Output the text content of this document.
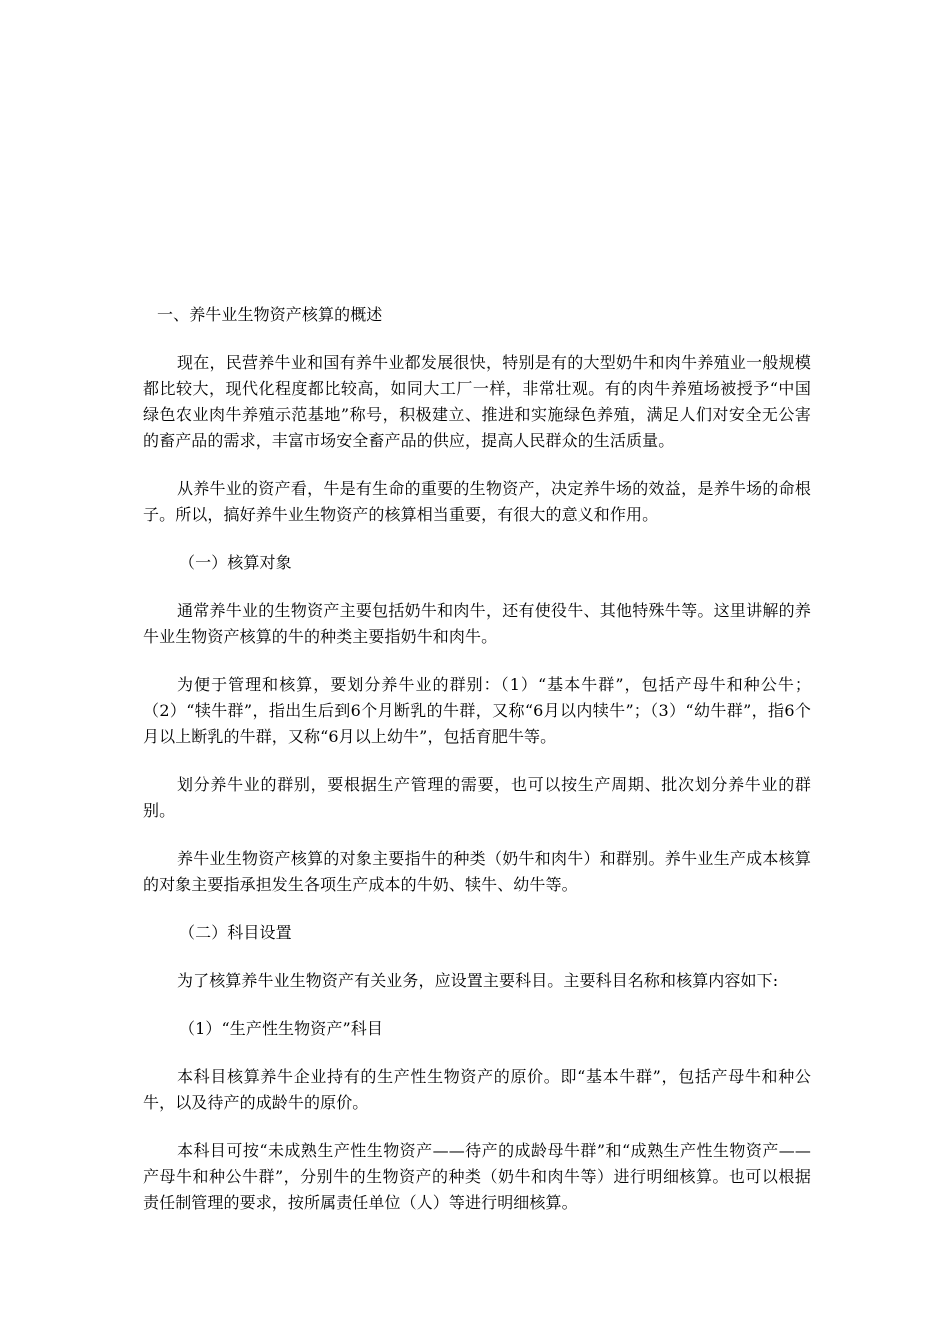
一、养牛业生物资产核算的概述

现在，民营养牛业和国有养牛业都发展很快，特别是有的大型奶牛和肉牛养殖业一般规模都比较大，现代化程度都比较高，如同大工厂一样，非常壮观。有的肉牛养殖场被授予“中国绿色农业肉牛养殖示范基地”称号，积极建立、推进和实施绿色养殖，满足人们对安全无公害的畜产品的需求，丰富市场安全畜产品的供应，提高人民群众的生活质量。

从养牛业的资产看，牛是有生命的重要的生物资产，决定养牛场的效益，是养牛场的命根子。所以，搞好养牛业生物资产的核算相当重要，有很大的意义和作用。

（一）核算对象

通常养牛业的生物资产主要包括奶牛和肉牛，还有使役牛、其他特殊牛等。这里讲解的养牛业生物资产核算的牛的种类主要指奶牛和肉牛。

为便于管理和核算，要划分养牛业的群别：（1）“基本牛群”，包括产母牛和种公牛；（2）“犊牛群”，指出生后到6个月断乳的牛群，又称“6月以内犊牛”；（3）“幼牛群”，指6个月以上断乳的牛群，又称“6月以上幼牛”，包括育肥牛等。

划分养牛业的群别，要根据生产管理的需要，也可以按生产周期、批次划分养牛业的群别。

养牛业生物资产核算的对象主要指牛的种类（奶牛和肉牛）和群别。养牛业生产成本核算的对象主要指承担发生各项生产成本的牛奶、犊牛、幼牛等。

（二）科目设置

为了核算养牛业生物资产有关业务，应设置主要科目。主要科目名称和核算内容如下:

（1）“生产性生物资产”科目

本科目核算养牛企业持有的生产性生物资产的原价。即“基本牛群”，包括产母牛和种公牛，以及待产的成龄牛的原价。

本科目可按“未成熟生产性生物资产——待产的成龄母牛群”和“成熟生产性生物资产——产母牛和种公牛群”，分别牛的生物资产的种类（奶牛和肉牛等）进行明细核算。也可以根据责任制管理的要求，按所属责任单位（人）等进行明细核算。
